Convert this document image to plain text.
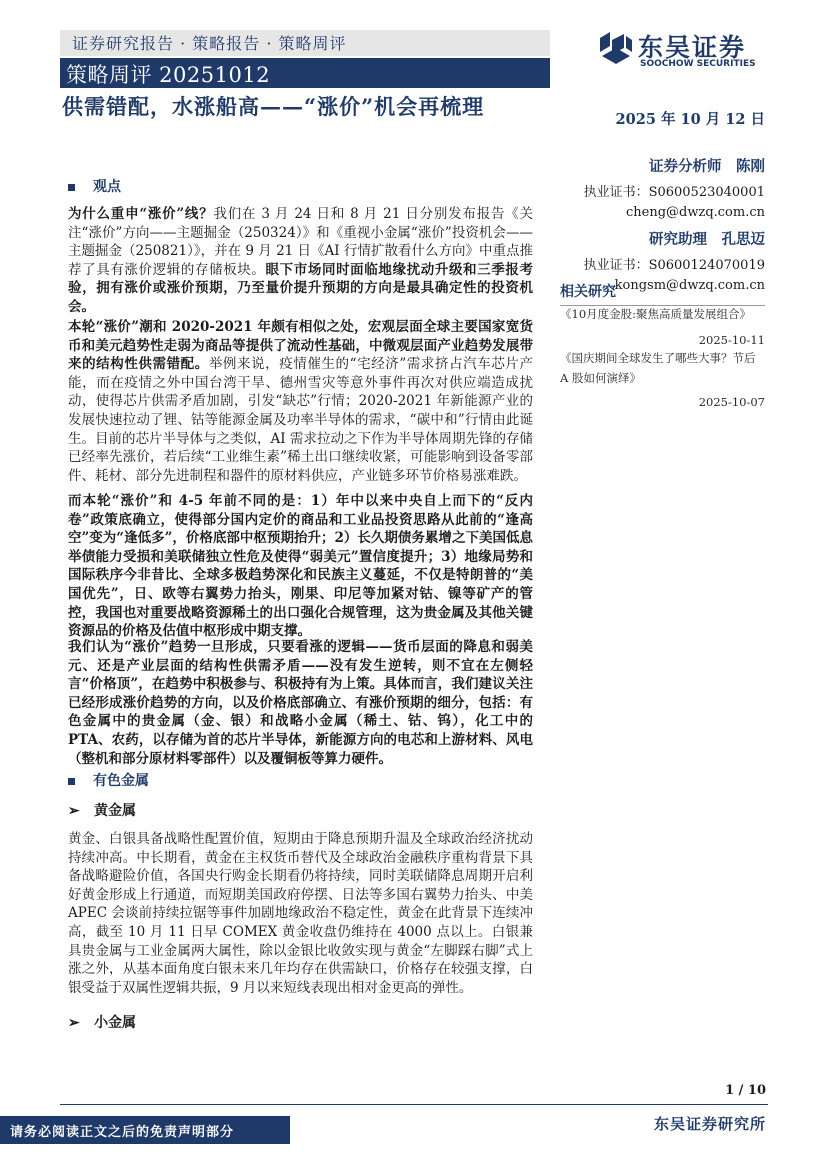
证券研究报告 · 策略报告 · 策略周评
策略周评 20251012
东吴证券
SOOCHOW SECURITIES
供需错配，水涨船高——“涨价”机会再梳理
2025 年 10 月 12 日
证券分析师　陈刚
执业证书：S0600523040001
cheng@dwzq.com.cn
研究助理　孔思迈
执业证书：S0600124070019
kongsm@dwzq.com.cn
相关研究
《10月度金股:聚焦高质量发展组合》
2025-10-11
《国庆期间全球发生了哪些大事？节后 A 股如何演绎》
2025-10-07
观点
为什么重申“涨价”线？我们在 3 月 24 日和 8 月 21 日分别发布报告《关注“涨价”方向——主题掘金（250324）》和《重视小金属“涨价”投资机会——主题掘金（250821）》，并在 9 月 21 日《AI 行情扩散看什么方向》中重点推荐了具有涨价逻辑的存储板块。眼下市场同时面临地缘扰动升级和三季报考验，拥有涨价或涨价预期，乃至量价提升预期的方向是最具确定性的投资机会。
本轮“涨价”潮和 2020-2021 年颇有相似之处，宏观层面全球主要国家宽货币和美元趋势性走弱为商品等提供了流动性基础，中微观层面产业趋势发展带来的结构性供需错配。举例来说，疫情催生的“宅经济”需求挤占汽车芯片产能，而在疫情之外中国台湾干旱、德州雪灾等意外事件再次对供应端造成扰动，使得芯片供需矛盾加剧，引发“缺芯”行情；2020-2021 年新能源产业的发展快速拉动了锂、钴等能源金属及功率半导体的需求，“碳中和”行情由此诞生。目前的芯片半导体与之类似，AI 需求拉动之下作为半导体周期先锋的存储已经率先涨价，若后续“工业维生素”稀土出口继续收紧，可能影响到设备零部件、耗材、部分先进制程和器件的原材料供应，产业链多环节价格易涨难跌。
而本轮“涨价”和 4-5 年前不同的是：1）年中以来中央自上而下的“反内卷”政策底确立，使得部分国内定价的商品和工业品投资思路从此前的“逢高空”变为“逢低多”，价格底部中枢预期抬升；2）长久期债务累增之下美国低息举债能力受损和美联储独立性危及使得“弱美元”置信度提升；3）地缘局势和国际秩序今非昔比、全球多极趋势深化和民族主义蔓延，不仅是特朗普的“美国优先”，日、欧等右翼势力抬头，刚果、印尼等加紧对钴、镍等矿产的管控，我国也对重要战略资源稀土的出口强化合规管理，这为贵金属及其他关键资源品的价格及估值中枢形成中期支撑。
我们认为“涨价”趋势一旦形成，只要看涨的逻辑——货币层面的降息和弱美元、还是产业层面的结构性供需矛盾——没有发生逆转，则不宜在左侧轻言“价格顶”，在趋势中积极参与、积极持有为上策。具体而言，我们建议关注已经形成涨价趋势的方向，以及价格底部确立、有涨价预期的细分，包括：有色金属中的贵金属（金、银）和战略小金属（稀土、钴、钨），化工中的 PTA、农药，以存储为首的芯片半导体，新能源方向的电芯和上游材料、风电（整机和部分原材料零部件）以及覆铜板等算力硬件。
有色金属
➢ 黄金属
黄金、白银具备战略性配置价值，短期由于降息预期升温及全球政治经济扰动持续冲高。中长期看，黄金在主权货币替代及全球政治金融秩序重构背景下具备战略避险价值，各国央行购金长期看仍将持续，同时美联储降息周期开启利好黄金形成上行通道，而短期美国政府停摆、日法等多国右翼势力抬头、中美 APEC 会谈前持续拉锯等事件加剧地缘政治不稳定性，黄金在此背景下连续冲高，截至 10 月 11 日早 COMEX 黄金收盘仍维持在 4000 点以上。白银兼具贵金属与工业金属两大属性，除以金银比收敛实现与黄金“左脚踩右脚”式上涨之外，从基本面角度白银未来几年均存在供需缺口，价格存在较强支撑，白银受益于双属性逻辑共振，9 月以来短线表现出相对金更高的弹性。
➢ 小金属
1 / 10
请务必阅读正文之后的免责声明部分	东吴证券研究所
